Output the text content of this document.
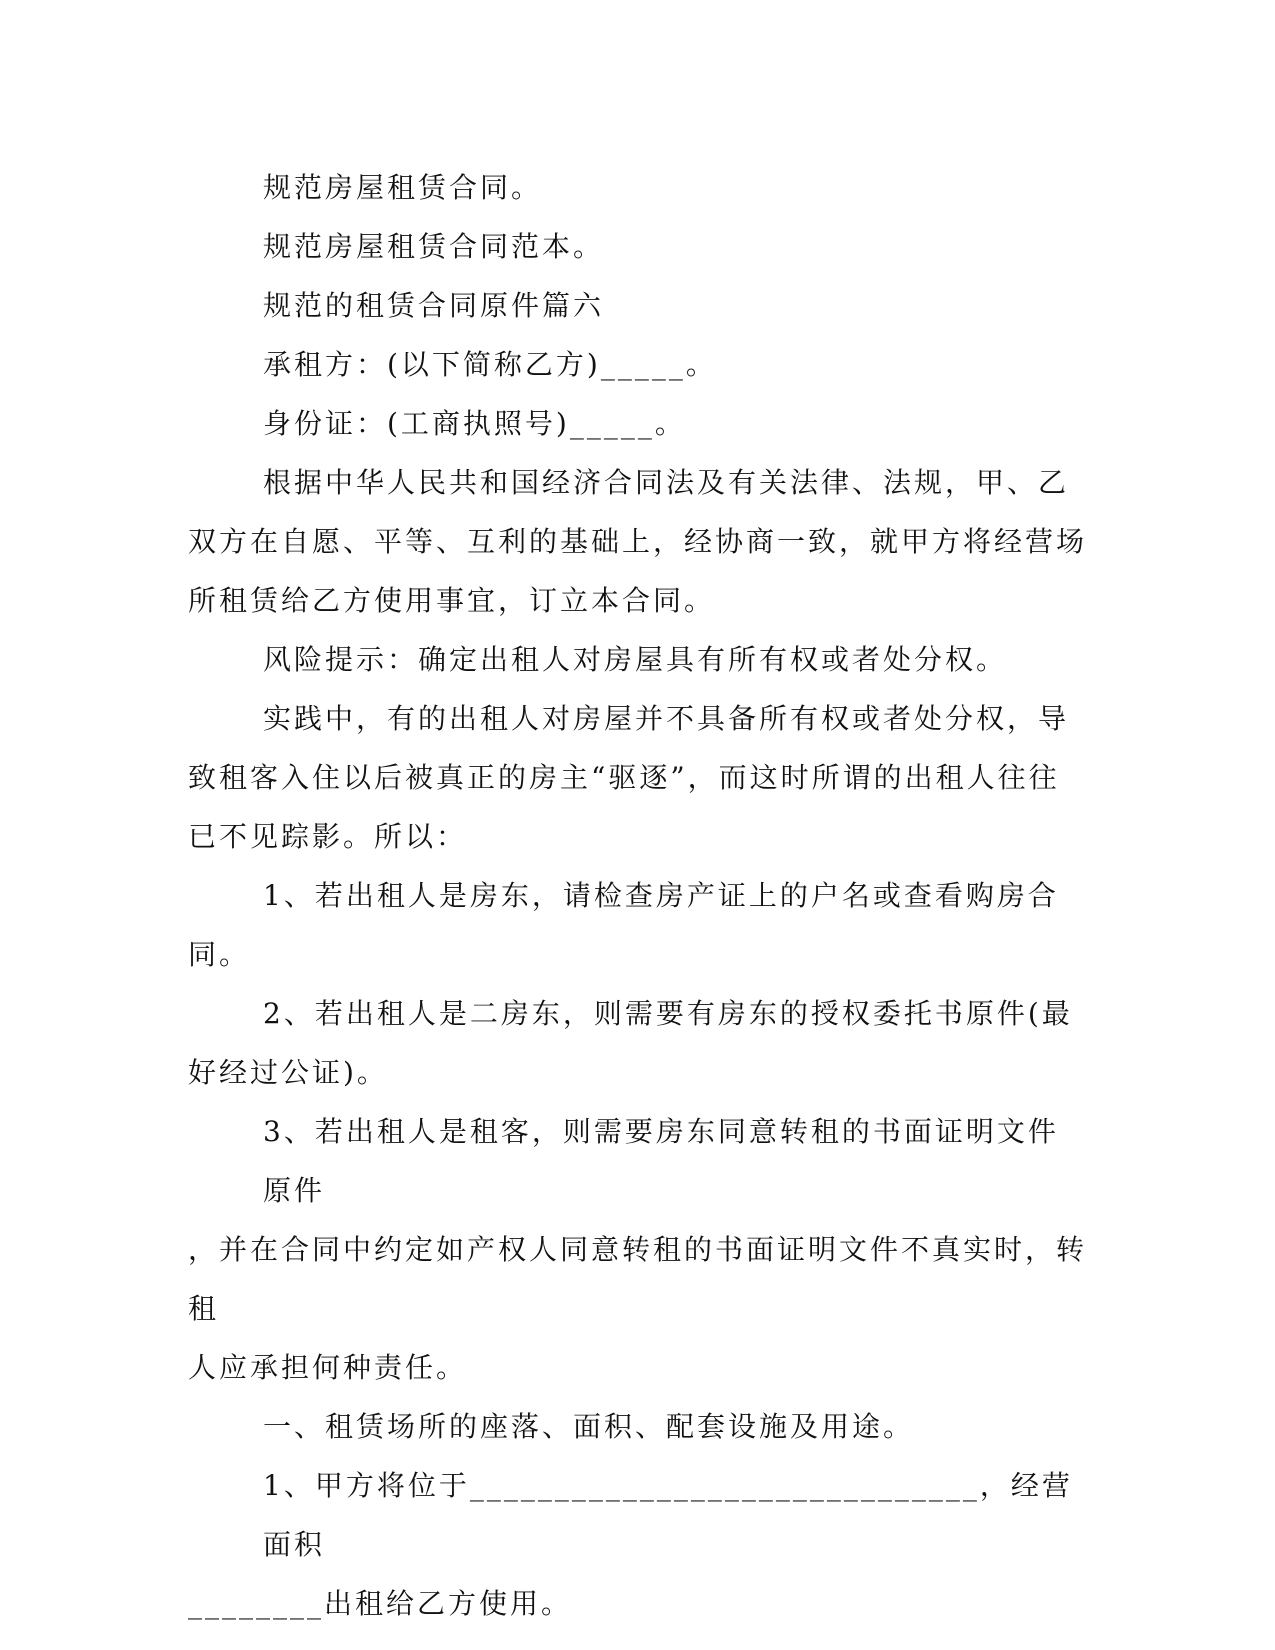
规范房屋租赁合同。

规范房屋租赁合同范本。

规范的租赁合同原件篇六

承租方：(以下简称乙方)_____。

身份证：(工商执照号)_____。

根据中华人民共和国经济合同法及有关法律、法规，甲、乙双方在自愿、平等、互利的基础上，经协商一致，就甲方将经营场所租赁给乙方使用事宜，订立本合同。

风险提示：确定出租人对房屋具有所有权或者处分权。

实践中，有的出租人对房屋并不具备所有权或者处分权，导致租客入住以后被真正的房主“驱逐”，而这时所谓的出租人往往已不见踪影。所以：

1、若出租人是房东，请检查房产证上的户名或查看购房合同。

2、若出租人是二房东，则需要有房东的授权委托书原件(最好经过公证)。

3、若出租人是租客，则需要房东同意转租的书面证明文件原件
，并在合同中约定如产权人同意转租的书面证明文件不真实时，转租
人应承担何种责任。

一、租赁场所的座落、面积、配套设施及用途。

1、甲方将位于______________________________，经营面积
________出租给乙方使用。
